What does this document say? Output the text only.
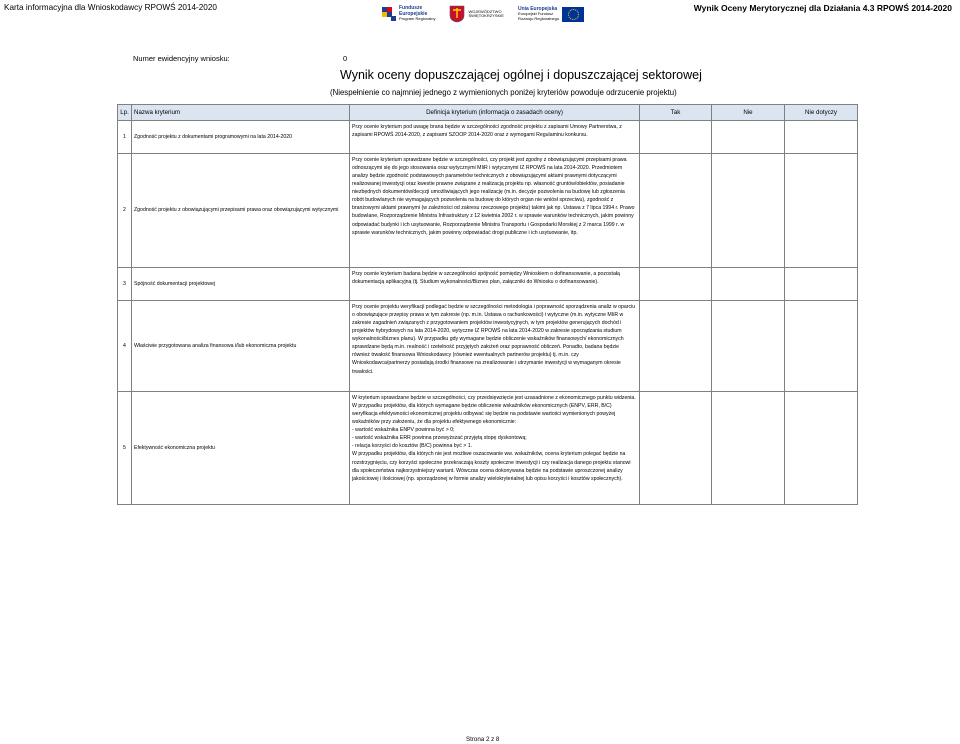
Karta informacyjna dla Wnioskodawcy RPOWŚ 2014-2020	Wynik Oceny Merytorycznej dla Działania 4.3 RPOWŚ 2014-2020
Fundusze
Europejskie
Program Regionalny
WOJEWÓDZTWO
ŚWIĘTOKRZYSKIE
Unia Europejska
Europejski Fundusz
Rozwoju Regionalnego
Numer ewidencyjny wniosku:	0
Wynik oceny dopuszczającej ogólnej i dopuszczającej sektorowej
(Niespełnienie co najmniej jednego z wymienionych poniżej kryteriów powoduje odrzucenie projektu)
Lp.	Nazwa kryterium	Definicja kryterium (informacja o zasadach oceny)	Tak	Nie	Nie dotyczy
1	Zgodność projektu z dokumentami programowymi na lata 2014-2020	Przy ocenie kryterium pod uwagę brana będzie w szczególności zgodność projektu z zapisami Umowy Partnerstwa, z zapisami RPOWŚ 2014-2020, z zapisami SZOOP 2014-2020 oraz z wymogami Regulaminu konkursu.			
2	Zgodność projektu z obowiązującymi przepisami prawa oraz obowiązującymi wytycznymi	Przy ocenie kryterium sprawdzane będzie w szczególności, czy projekt jest zgodny z obowiązującymi przepisami prawa odnoszącymi się do jego stosowania oraz wytycznymi MIiR i wytycznymi IZ RPOWŚ na lata 2014-2020. Przedmiotem analizy będzie zgodność podstawowych parametrów technicznych z obowiązującymi aktami prawnymi dotyczącymi realizowanej inwestycji oraz kwestie prawne związane z realizacją projektu np. własność gruntów/obiektów, posiadanie niezbędnych dokumentów/decyzji umożliwiających jego realizację (m.in. decyzje pozwolenia na budowę lub zgłoszenia robót budowlanych nie wymagających pozwolenia na budowę do których organ nie wniósł sprzeciwu), zgodność z branżowymi aktami prawnymi (w zależności od zakresu rzeczowego projektu) takimi jak np. Ustawa z 7 lipca 1994 r. Prawo budowlane, Rozporządzenie Ministra Infrastruktury z 12 kwietnia 2002 r. w sprawie warunków technicznych, jakim powinny odpowiadać budynki i ich usytuowanie, Rozporządzenie Ministra Transportu i Gospodarki Morskiej z 2 marca 1999 r. w sprawie warunków technicznych, jakim powinny odpowiadać drogi publiczne i ich usytuowanie, itp.			
3	Spójność dokumentacji projektowej	Przy ocenie kryterium badana będzie w szczególności spójność pomiędzy Wnioskiem o dofinansowanie, a pozostałą dokumentacją aplikacyjną (tj. Studium wykonalności/Biznes plan, załączniki do Wniosku o dofinansowanie).			
4	Właściwie przygotowana analiza finansowa i/lub ekonomiczna projektu	Przy ocenie projektu weryfikacji podlegać będzie w szczególności metodologia i poprawność sporządzenia analiz w oparciu o obowiązujące przepisy prawa w tym zakresie (np. m.in. Ustawa o rachunkowości) i wytyczne (m.in. wytyczne MIiR w zakresie zagadnień związanych z przygotowaniem projektów inwestycyjnych, w tym projektów generujących dochód i projektów hybrydowych na lata 2014-2020, wytyczne IZ RPOWŚ na lata 2014-2020 w zakresie sporządzania studium wykonalności/biznes planu). W przypadku gdy wymagane będzie obliczenie wskaźników finansowych/ ekonomicznych sprawdzane będą m.in. realność i rzetelność przyjętych założeń oraz poprawność obliczeń. Ponadto, badana będzie również trwałość finansowa Wnioskodawcy (również ewentualnych partnerów projektu) tj. m.in. czy Wnioskodawca/partnerzy posiadają środki finansowe na zrealizowanie i utrzymanie inwestycji w wymaganym okresie trwałości.			
5	Efektywność ekonomiczna projektu	W kryterium sprawdzane będzie w szczególności, czy przedsięwzięcie jest uzasadnione z ekonomicznego punktu widzenia. W przypadku projektów, dla których wymagane będzie obliczenie wskaźników ekonomicznych (ENPV, ERR, B/C) weryfikacja efektywności ekonomicznej projektu odbywać się będzie na podstawie wartości wymienionych powyżej wskaźników przy założeniu, że dla projektu efektywnego ekonomicznie:
- wartość wskaźnika ENPV powinna być > 0;
- wartość wskaźnika ERR powinna przewyższać przyjętą stopę dyskontową;
- relacja korzyści do kosztów (B/C) powinna być > 1.
W przypadku projektów, dla których nie jest możliwe oszacowanie ww. wskaźników, ocena kryterium polegać będzie na rozstrzygnięciu, czy korzyści społeczne przekraczają koszty społeczne inwestycji i czy realizacja danego projektu stanowi dla społeczeństwa najkorzystniejszy wariant. Wówczas ocena dokonywana będzie na podstawie uproszczonej analizy jakościowej i ilościowej (np. sporządzonej w formie analizy wielokryterialnej lub opisu korzyści i kosztów społecznych).			
Strona 2 z 8
